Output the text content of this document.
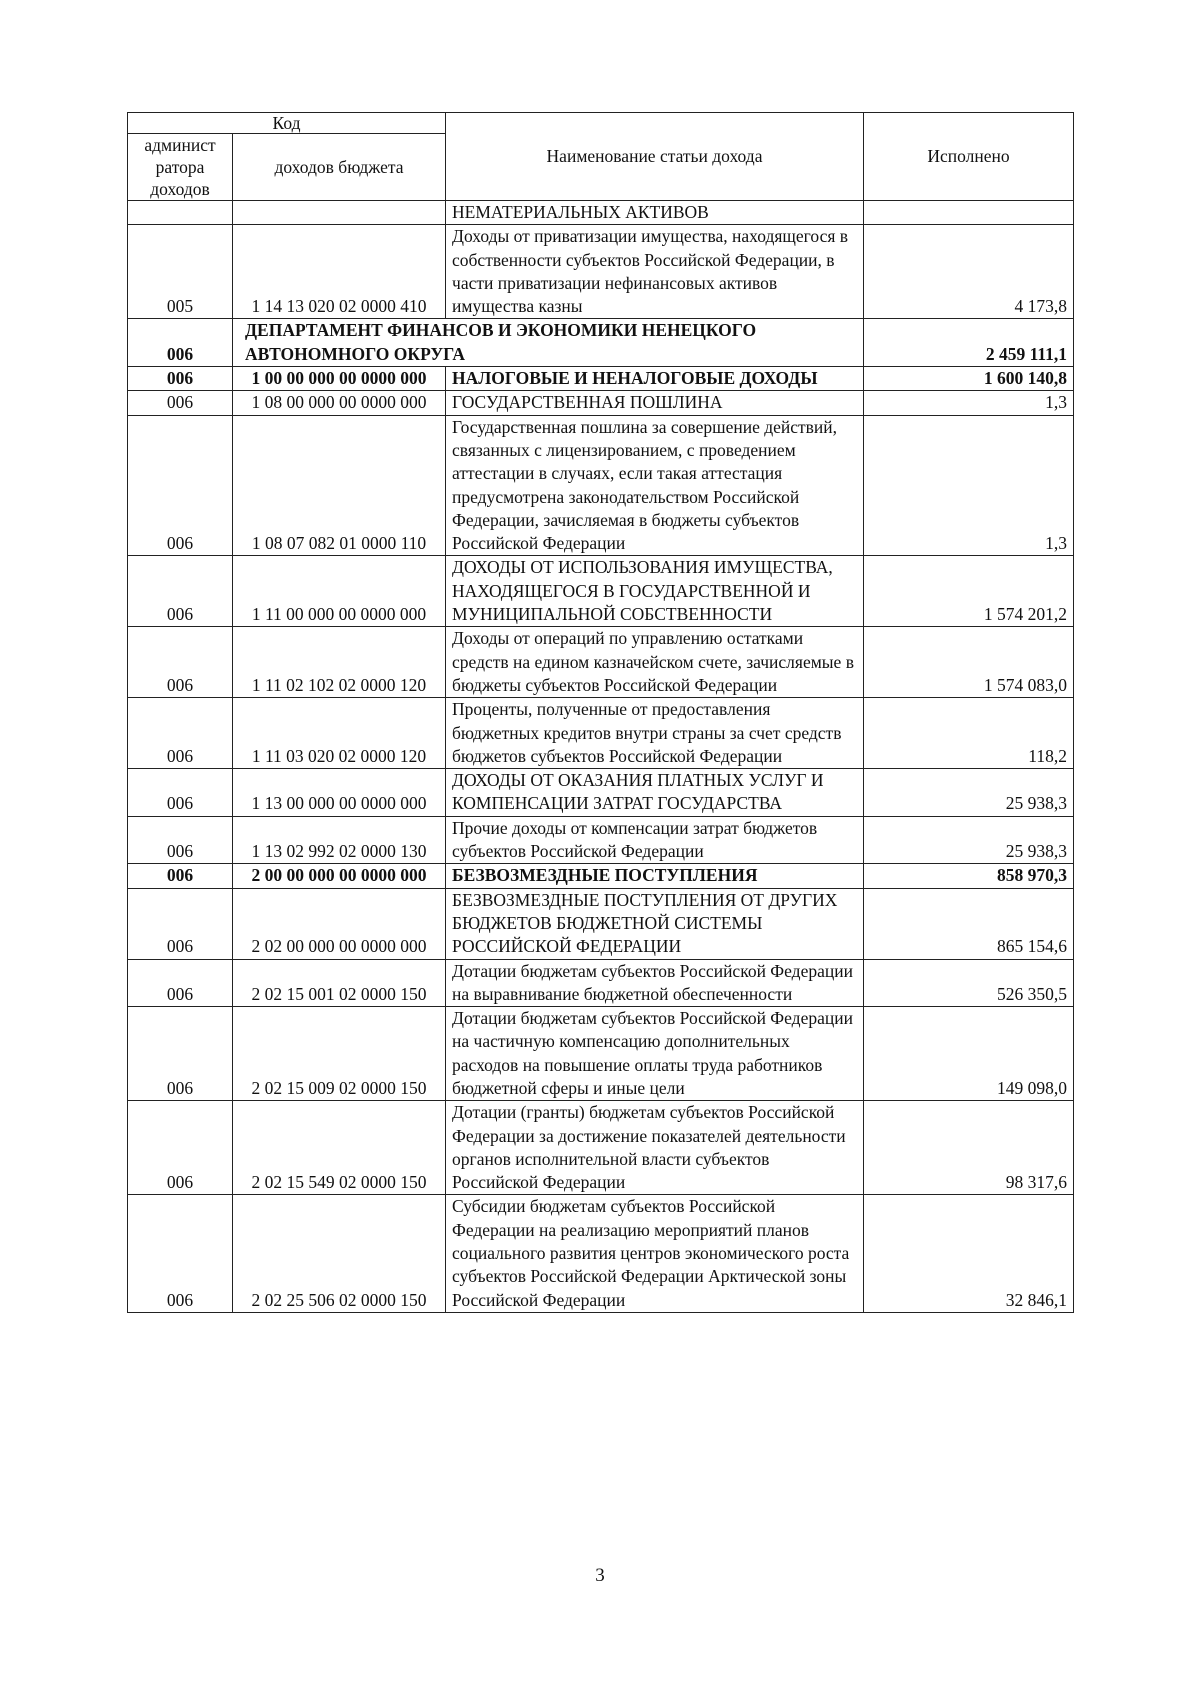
Код		Наименование статьи дохода	Исполнено
админист ратора доходов	доходов бюджета		
		НЕМАТЕРИАЛЬНЫХ АКТИВОВ	
005	1 14 13 020 02 0000 410	Доходы от приватизации имущества, находящегося в собственности субъектов Российской Федерации, в части приватизации нефинансовых активов имущества казны	4 173,8
006	ДЕПАРТАМЕНТ ФИНАНСОВ И ЭКОНОМИКИ НЕНЕЦКОГО АВТОНОМНОГО ОКРУГА		2 459 111,1
006	1 00 00 000 00 0000 000	НАЛОГОВЫЕ И НЕНАЛОГОВЫЕ ДОХОДЫ	1 600 140,8
006	1 08 00 000 00 0000 000	ГОСУДАРСТВЕННАЯ ПОШЛИНА	1,3
006	1 08 07 082 01 0000 110	Государственная пошлина за совершение действий, связанных с лицензированием, с проведением аттестации в случаях, если такая аттестация предусмотрена законодательством Российской Федерации, зачисляемая в бюджеты субъектов Российской Федерации	1,3
006	1 11 00 000 00 0000 000	ДОХОДЫ ОТ ИСПОЛЬЗОВАНИЯ ИМУЩЕСТВА, НАХОДЯЩЕГОСЯ В ГОСУДАРСТВЕННОЙ И МУНИЦИПАЛЬНОЙ СОБСТВЕННОСТИ	1 574 201,2
006	1 11 02 102 02 0000 120	Доходы от операций по управлению остатками средств на едином казначейском счете, зачисляемые в бюджеты субъектов Российской Федерации	1 574 083,0
006	1 11 03 020 02 0000 120	Проценты, полученные от предоставления бюджетных кредитов внутри страны за счет средств бюджетов субъектов Российской Федерации	118,2
006	1 13 00 000 00 0000 000	ДОХОДЫ ОТ ОКАЗАНИЯ ПЛАТНЫХ УСЛУГ И КОМПЕНСАЦИИ ЗАТРАТ ГОСУДАРСТВА	25 938,3
006	1 13 02 992 02 0000 130	Прочие доходы от компенсации затрат бюджетов субъектов Российской Федерации	25 938,3
006	2 00 00 000 00 0000 000	БЕЗВОЗМЕЗДНЫЕ ПОСТУПЛЕНИЯ	858 970,3
006	2 02 00 000 00 0000 000	БЕЗВОЗМЕЗДНЫЕ ПОСТУПЛЕНИЯ ОТ ДРУГИХ БЮДЖЕТОВ БЮДЖЕТНОЙ СИСТЕМЫ РОССИЙСКОЙ ФЕДЕРАЦИИ	865 154,6
006	2 02 15 001 02 0000 150	Дотации бюджетам субъектов Российской Федерации на выравнивание бюджетной обеспеченности	526 350,5
006	2 02 15 009 02 0000 150	Дотации бюджетам субъектов Российской Федерации на частичную компенсацию дополнительных расходов на повышение оплаты труда работников бюджетной сферы и иные цели	149 098,0
006	2 02 15 549 02 0000 150	Дотации (гранты) бюджетам субъектов Российской Федерации за достижение показателей деятельности органов исполнительной власти субъектов Российской Федерации	98 317,6
006	2 02 25 506 02 0000 150	Субсидии бюджетам субъектов Российской Федерации на реализацию мероприятий планов социального развития центров экономического роста субъектов Российской Федерации Арктической зоны Российской Федерации	32 846,1
3
